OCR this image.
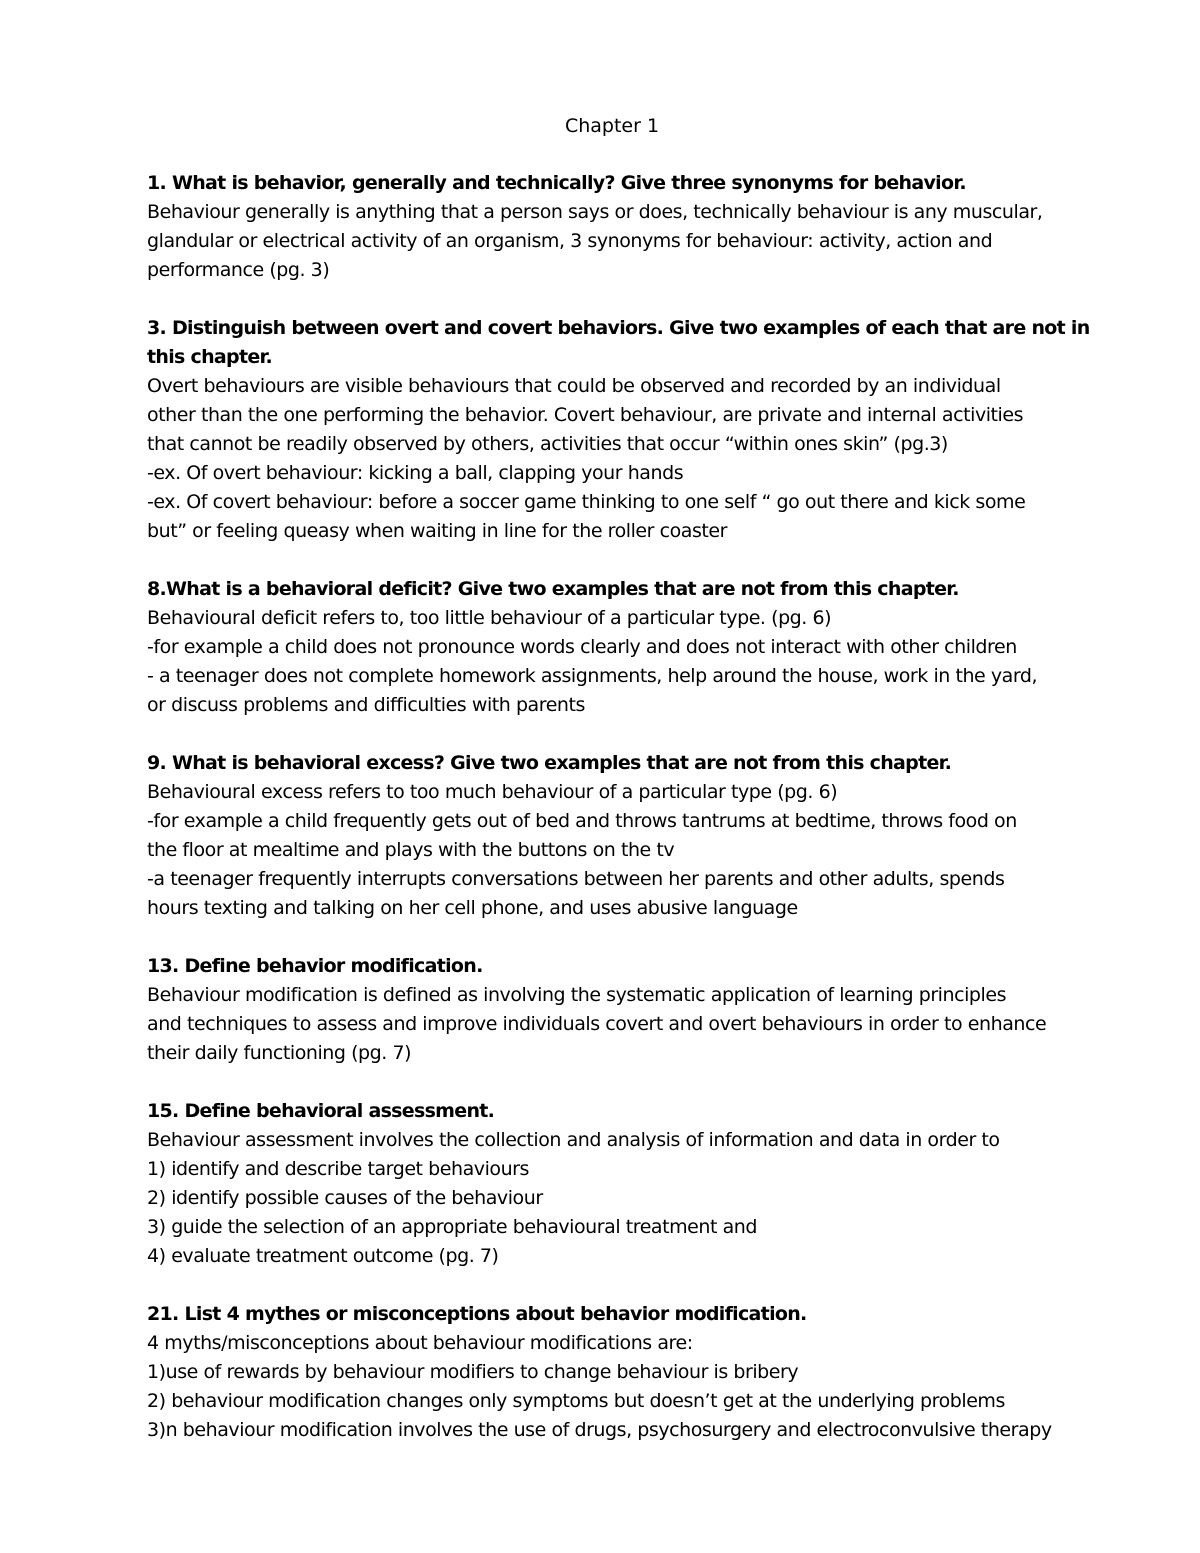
Chapter 1
1. What is behavior, generally and technically? Give three synonyms for behavior.
Behaviour generally is anything that a person says or does, technically behaviour is any muscular,
glandular or electrical activity of an organism, 3 synonyms for behaviour: activity, action and
performance (pg. 3)
3. Distinguish between overt and covert behaviors. Give two examples of each that are not in
this chapter.
Overt behaviours are visible behaviours that could be observed and recorded by an individual
other than the one performing the behavior. Covert behaviour, are private and internal activities
that cannot be readily observed by others, activities that occur “within ones skin” (pg.3)
-ex. Of overt behaviour: kicking a ball, clapping your hands
-ex. Of covert behaviour: before a soccer game thinking to one self “ go out there and kick some
but” or feeling queasy when waiting in line for the roller coaster
8.What is a behavioral deficit? Give two examples that are not from this chapter.
Behavioural deficit refers to, too little behaviour of a particular type. (pg. 6)
-for example a child does not pronounce words clearly and does not interact with other children
- a teenager does not complete homework assignments, help around the house, work in the yard,
or discuss problems and difficulties with parents
9. What is behavioral excess? Give two examples that are not from this chapter.
Behavioural excess refers to too much behaviour of a particular type (pg. 6)
-for example a child frequently gets out of bed and throws tantrums at bedtime, throws food on
the floor at mealtime and plays with the buttons on the tv
-a teenager frequently interrupts conversations between her parents and other adults, spends
hours texting and talking on her cell phone, and uses abusive language
13. Define behavior modification.
Behaviour modification is defined as involving the systematic application of learning principles
and techniques to assess and improve individuals covert and overt behaviours in order to enhance
their daily functioning (pg. 7)
15. Define behavioral assessment.
Behaviour assessment involves the collection and analysis of information and data in order to
1) identify and describe target behaviours
2) identify possible causes of the behaviour
3) guide the selection of an appropriate behavioural treatment and
4) evaluate treatment outcome (pg. 7)
21. List 4 mythes or misconceptions about behavior modification.
4 myths/misconceptions about behaviour modifications are:
1)use of rewards by behaviour modifiers to change behaviour is bribery
2) behaviour modification changes only symptoms but doesn’t get at the underlying problems
3)n behaviour modification involves the use of drugs, psychosurgery and electroconvulsive therapy
